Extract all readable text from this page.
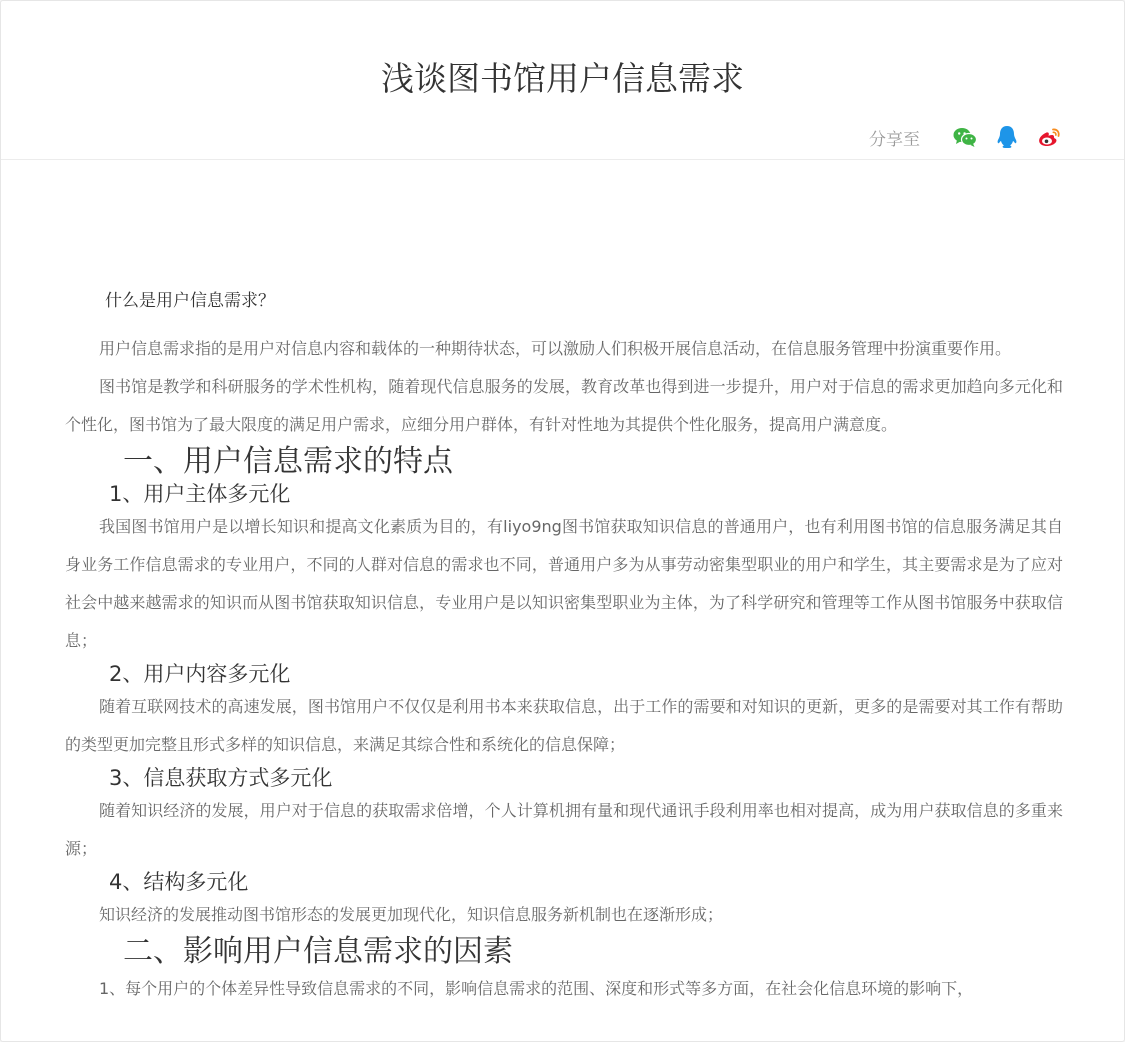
浅谈图书馆用户信息需求
分享至

什么是用户信息需求？

用户信息需求指的是用户对信息内容和载体的一种期待状态，可以激励人们积极开展信息活动，在信息服务管理中扮演重要作用。

图书馆是教学和科研服务的学术性机构，随着现代信息服务的发展，教育改革也得到进一步提升，用户对于信息的需求更加趋向多元化和个性化，图书馆为了最大限度的满足用户需求，应细分用户群体，有针对性地为其提供个性化服务，提高用户满意度。

一、用户信息需求的特点
1、用户主体多元化

我国图书馆用户是以增长知识和提高文化素质为目的，有liyo9ng图书馆获取知识信息的普通用户，也有利用图书馆的信息服务满足其自身业务工作信息需求的专业用户，不同的人群对信息的需求也不同，普通用户多为从事劳动密集型职业的用户和学生，其主要需求是为了应对社会中越来越需求的知识而从图书馆获取知识信息，专业用户是以知识密集型职业为主体，为了科学研究和管理等工作从图书馆服务中获取信息；

2、用户内容多元化

随着互联网技术的高速发展，图书馆用户不仅仅是利用书本来获取信息，出于工作的需要和对知识的更新，更多的是需要对其工作有帮助的类型更加完整且形式多样的知识信息，来满足其综合性和系统化的信息保障；

3、信息获取方式多元化

随着知识经济的发展，用户对于信息的获取需求倍增，个人计算机拥有量和现代通讯手段利用率也相对提高，成为用户获取信息的多重来源；

4、结构多元化

知识经济的发展推动图书馆形态的发展更加现代化，知识信息服务新机制也在逐渐形成；

二、影响用户信息需求的因素

1、每个用户的个体差异性导致信息需求的不同，影响信息需求的范围、深度和形式等多方面，在社会化信息环境的影响下，
